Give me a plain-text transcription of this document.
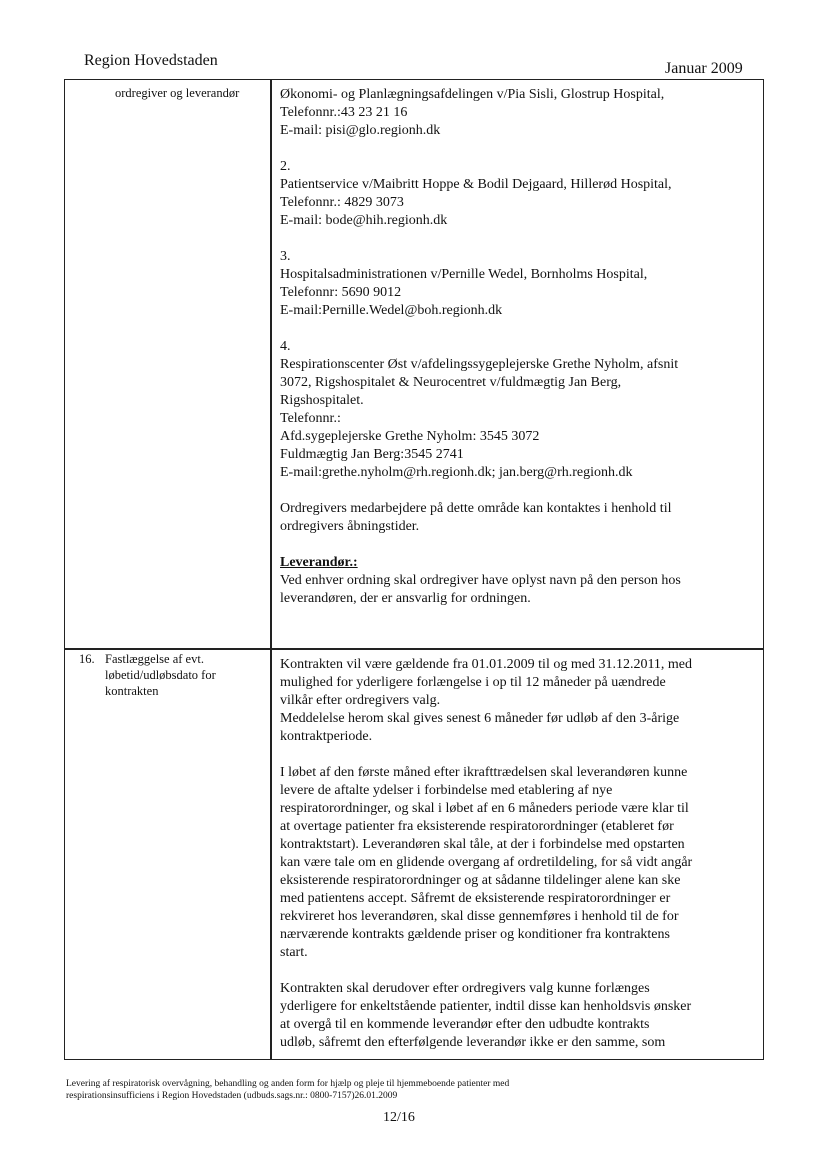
Region Hovedstaden	Januar 2009
ordregiver og leverandør	Økonomi- og Planlægningsafdelingen v/Pia Sisli, Glostrup Hospital,
Telefonnr.:43 23 21 16
E-mail: pisi@glo.regionh.dk
2.
Patientservice v/Maibritt Hoppe & Bodil Dejgaard, Hillerød Hospital,
Telefonnr.: 4829 3073
E-mail: bode@hih.regionh.dk
3.
Hospitalsadministrationen v/Pernille Wedel, Bornholms Hospital,
Telefonnr: 5690 9012
E-mail:Pernille.Wedel@boh.regionh.dk
4.
Respirationscenter Øst v/afdelingssygeplejerske Grethe Nyholm, afsnit
3072, Rigshospitalet & Neurocentret v/fuldmægtig Jan Berg,
Rigshospitalet.
Telefonnr.:
Afd.sygeplejerske Grethe Nyholm: 3545 3072
Fuldmægtig Jan Berg:3545 2741
E-mail:grethe.nyholm@rh.regionh.dk; jan.berg@rh.regionh.dk
Ordregivers medarbejdere på dette område kan kontaktes i henhold til
ordregivers åbningstider.
Leverandør.:
Ved enhver ordning skal ordregiver have oplyst navn på den person hos
leverandøren, der er ansvarlig for ordningen.
16. Fastlæggelse af evt.
løbetid/udløbsdato for
kontrakten
Kontrakten vil være gældende fra 01.01.2009 til og med 31.12.2011, med
mulighed for yderligere forlængelse i op til 12 måneder på uændrede
vilkår efter ordregivers valg.
Meddelelse herom skal gives senest 6 måneder før udløb af den 3-årige
kontraktperiode.
I løbet af den første måned efter ikrafttrædelsen skal leverandøren kunne
levere de aftalte ydelser i forbindelse med etablering af nye
respiratorordninger, og skal i løbet af en 6 måneders periode være klar til
at overtage patienter fra eksisterende respiratorordninger (etableret før
kontraktstart). Leverandøren skal tåle, at der i forbindelse med opstarten
kan være tale om en glidende overgang af ordretildeling, for så vidt angår
eksisterende respiratorordninger og at sådanne tildelinger alene kan ske
med patientens accept. Såfremt de eksisterende respiratorordninger er
rekvireret hos leverandøren, skal disse gennemføres i henhold til de for
nærværende kontrakts gældende priser og konditioner fra kontraktens
start.
Kontrakten skal derudover efter ordregivers valg kunne forlænges
yderligere for enkeltstående patienter, indtil disse kan henholdsvis ønsker
at overgå til en kommende leverandør efter den udbudte kontrakts
udløb, såfremt den efterfølgende leverandør ikke er den samme, som
Levering af respiratorisk overvågning, behandling og anden form for hjælp og pleje til hjemmeboende patienter med
respirationsinsufficiens i Region Hovedstaden (udbuds.sags.nr.: 0800-7157)26.01.2009
12/16
